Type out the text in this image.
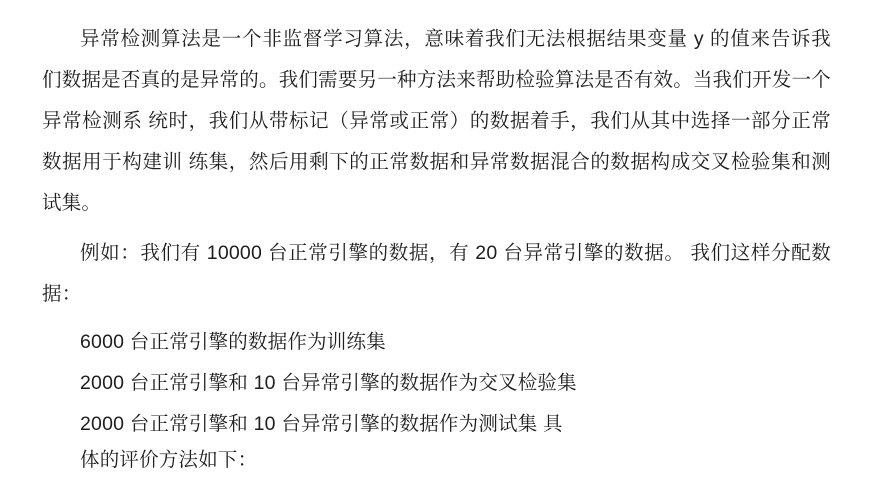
异常检测算法是一个非监督学习算法，意味着我们无法根据结果变量 y 的值来告诉我
们数据是否真的是异常的。我们需要另一种方法来帮助检验算法是否有效。当我们开发一个
异常检测系 统时，我们从带标记（异常或正常）的数据着手，我们从其中选择一部分正常
数据用于构建训 练集，然后用剩下的正常数据和异常数据混合的数据构成交叉检验集和测
试集。
例如：我们有 10000 台正常引擎的数据，有 20 台异常引擎的数据。 我们这样分配数
据：
6000 台正常引擎的数据作为训练集
2000 台正常引擎和 10 台异常引擎的数据作为交叉检验集
2000 台正常引擎和 10 台异常引擎的数据作为测试集 具
体的评价方法如下：
